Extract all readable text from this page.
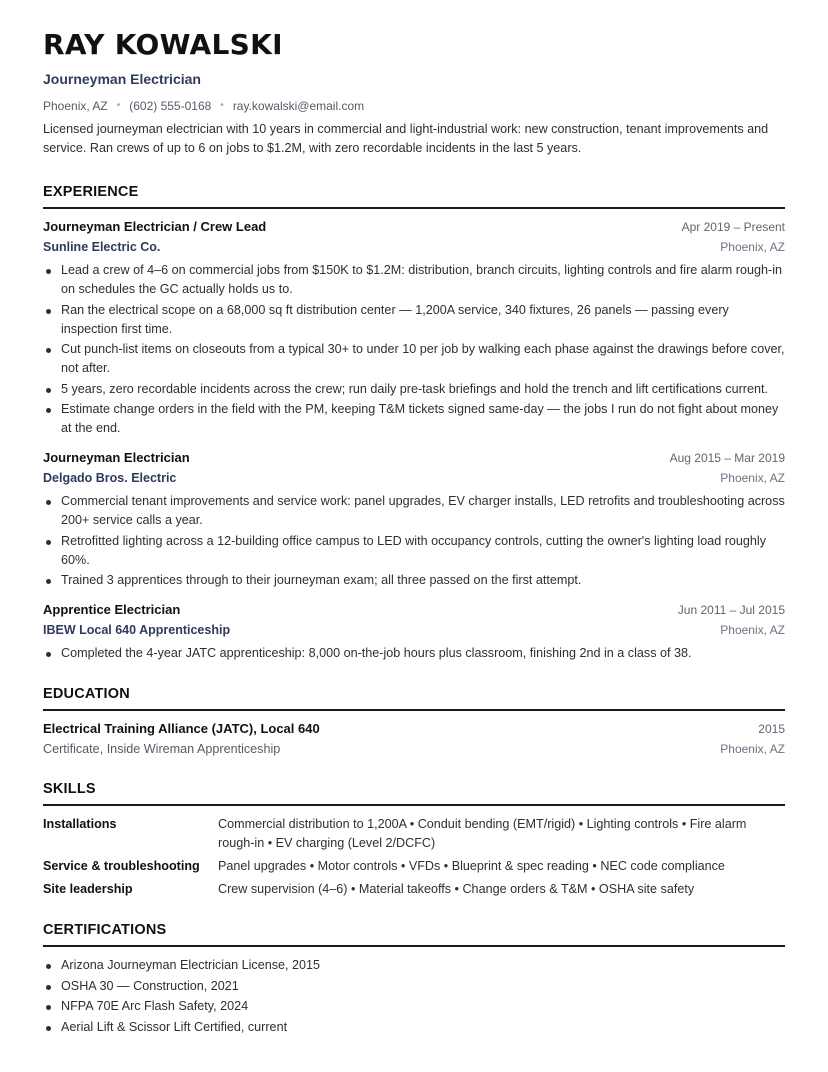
RAY KOWALSKI
Journeyman Electrician
Phoenix, AZ • (602) 555-0168 • ray.kowalski@email.com
Licensed journeyman electrician with 10 years in commercial and light-industrial work: new construction, tenant improvements and service. Ran crews of up to 6 on jobs to $1.2M, with zero recordable incidents in the last 5 years.
EXPERIENCE
Journeyman Electrician / Crew Lead	Apr 2019 – Present
Sunline Electric Co.	Phoenix, AZ
Lead a crew of 4–6 on commercial jobs from $150K to $1.2M: distribution, branch circuits, lighting controls and fire alarm rough-in on schedules the GC actually holds us to.
Ran the electrical scope on a 68,000 sq ft distribution center — 1,200A service, 340 fixtures, 26 panels — passing every inspection first time.
Cut punch-list items on closeouts from a typical 30+ to under 10 per job by walking each phase against the drawings before cover, not after.
5 years, zero recordable incidents across the crew; run daily pre-task briefings and hold the trench and lift certifications current.
Estimate change orders in the field with the PM, keeping T&M tickets signed same-day — the jobs I run do not fight about money at the end.
Journeyman Electrician	Aug 2015 – Mar 2019
Delgado Bros. Electric	Phoenix, AZ
Commercial tenant improvements and service work: panel upgrades, EV charger installs, LED retrofits and troubleshooting across 200+ service calls a year.
Retrofitted lighting across a 12-building office campus to LED with occupancy controls, cutting the owner's lighting load roughly 60%.
Trained 3 apprentices through to their journeyman exam; all three passed on the first attempt.
Apprentice Electrician	Jun 2011 – Jul 2015
IBEW Local 640 Apprenticeship	Phoenix, AZ
Completed the 4-year JATC apprenticeship: 8,000 on-the-job hours plus classroom, finishing 2nd in a class of 38.
EDUCATION
Electrical Training Alliance (JATC), Local 640	2015
Certificate, Inside Wireman Apprenticeship	Phoenix, AZ
SKILLS
Installations	Commercial distribution to 1,200A • Conduit bending (EMT/rigid) • Lighting controls • Fire alarm rough-in • EV charging (Level 2/DCFC)
Service & troubleshooting	Panel upgrades • Motor controls • VFDs • Blueprint & spec reading • NEC code compliance
Site leadership	Crew supervision (4–6) • Material takeoffs • Change orders & T&M • OSHA site safety
CERTIFICATIONS
Arizona Journeyman Electrician License, 2015
OSHA 30 — Construction, 2021
NFPA 70E Arc Flash Safety, 2024
Aerial Lift & Scissor Lift Certified, current
